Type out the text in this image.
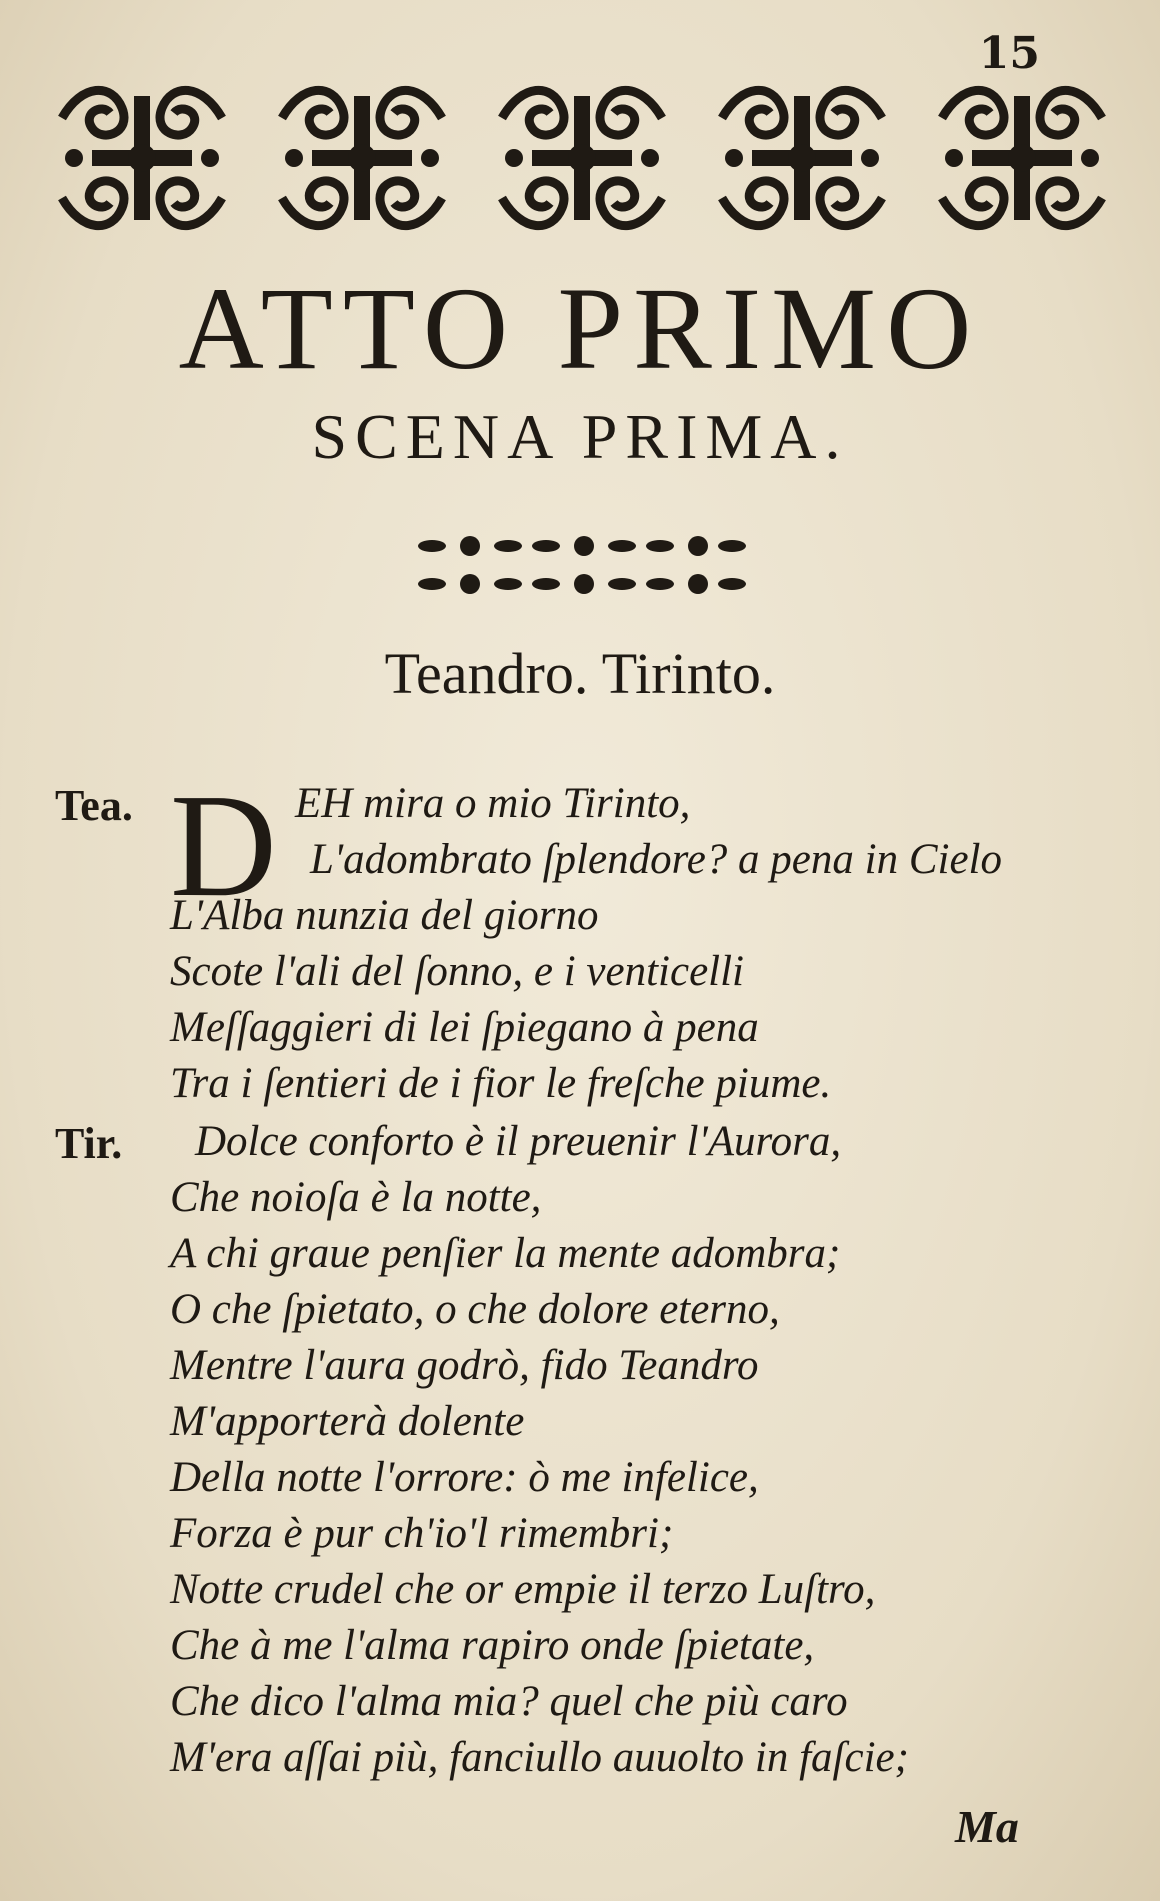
15
ATTO PRIMO
SCENA PRIMA.
Teandro. Tirinto.
Tea. D EH mira o mio Tirinto,
L'adombrato ſplendore? a pena in Cielo
L'Alba nunzia del giorno
Scote l'ali del ſonno, e i venticelli
Meſſaggieri di lei ſpiegano à pena
Tra i ſentieri de i fior le freſche piume.
Tir. Dolce conforto è il preuenir l'Aurora,
Che noioſa è la notte,
A chi graue penſier la mente adombra;
O che ſpietato, o che dolore eterno,
Mentre l'aura godrò, fido Teandro
M'apporterà dolente
Della notte l'orrore: ò me infelice,
Forza è pur ch'io'l rimembri;
Notte crudel che or empie il terzo Luſtro,
Che à me l'alma rapiro onde ſpietate,
Che dico l'alma mia? quel che più caro
M'era aſſai più, fanciullo auuolto in faſcie;
Ma
